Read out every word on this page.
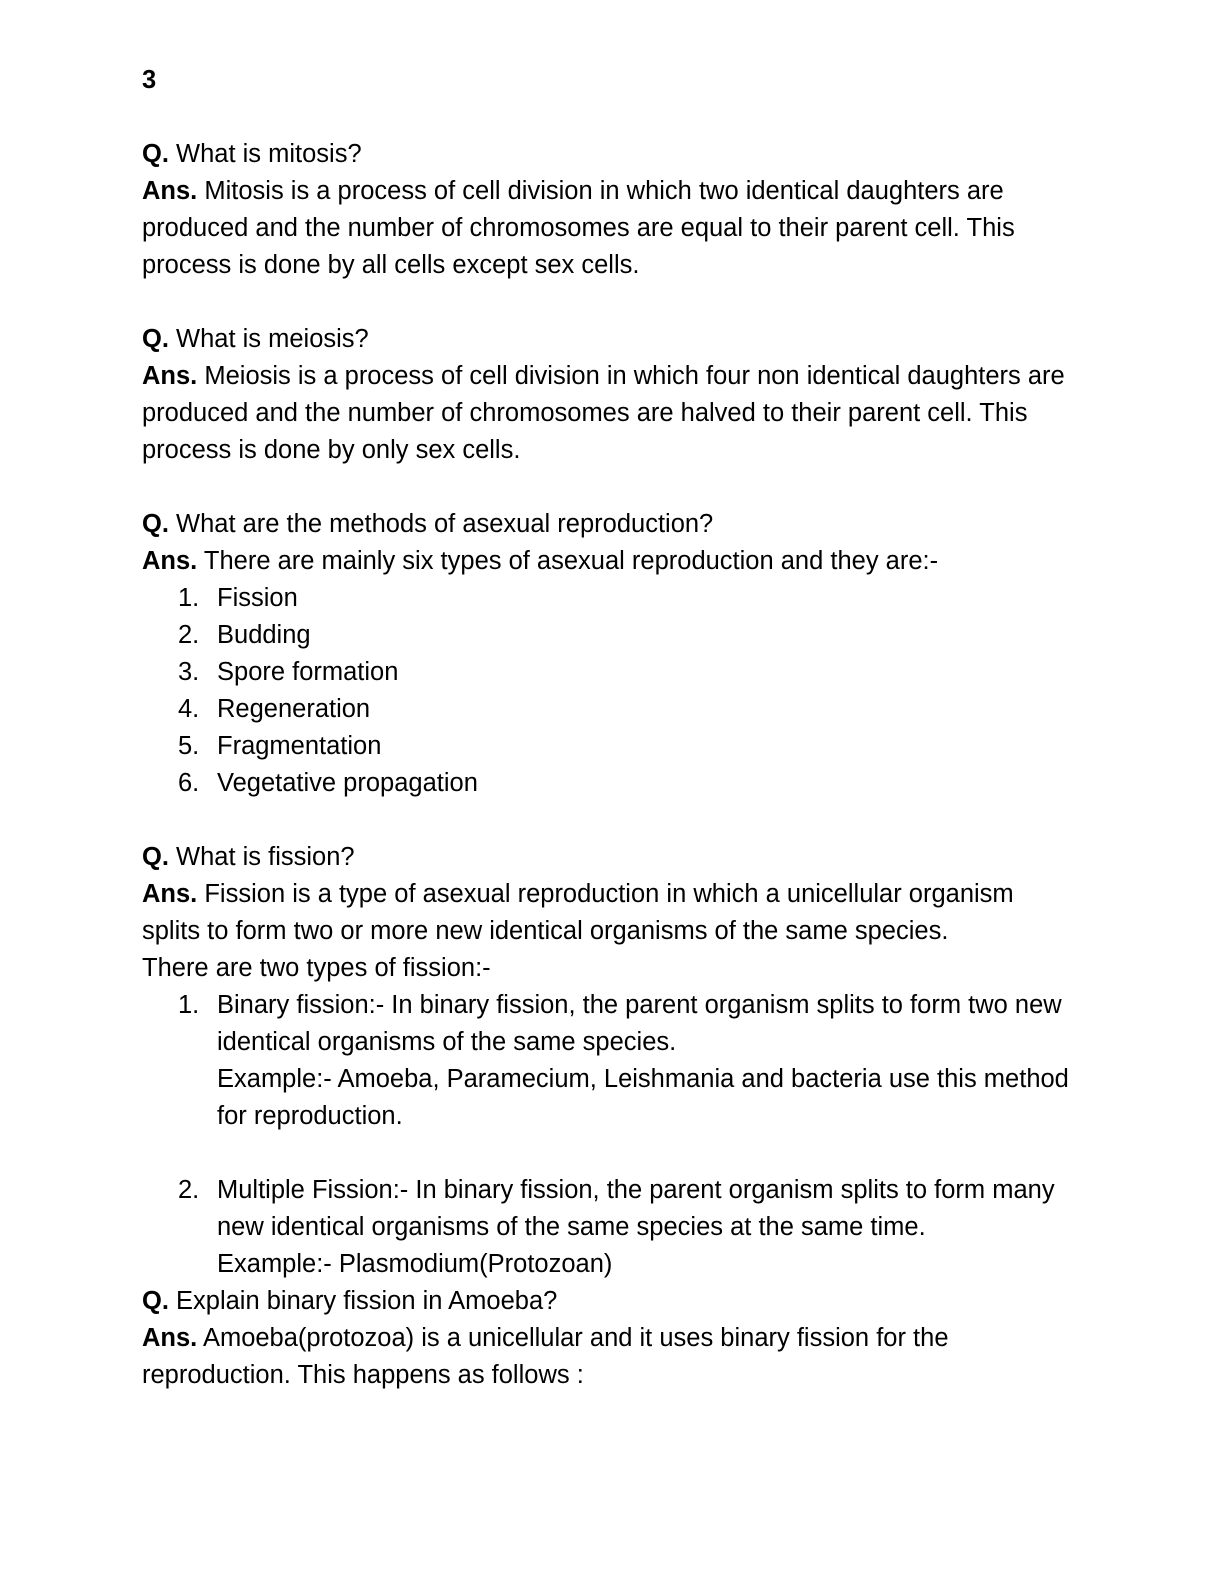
3

Q. What is mitosis?

Ans. Mitosis is a process of cell division in which two identical daughters are produced and the number of chromosomes are equal to their parent cell. This process is done by all cells except sex cells.

Q. What is meiosis?

Ans. Meiosis is a process of cell division in which four non identical daughters are produced and the number of chromosomes are halved to their parent cell. This process is done by only sex cells.

Q. What are the methods of asexual reproduction?

Ans. There are mainly six types of asexual reproduction and they are:-

1. Fission
2. Budding
3. Spore formation
4. Regeneration
5. Fragmentation
6. Vegetative propagation

Q. What is fission?

Ans. Fission is a type of asexual reproduction in which a unicellular organism splits to form two or more new identical organisms of the same species.

There are two types of fission:-

1. Binary fission:- In binary fission, the parent organism splits to form two new identical organisms of the same species.
Example:- Amoeba, Paramecium, Leishmania and bacteria use this method for reproduction.
2. Multiple Fission:- In binary fission, the parent organism splits to form many new identical organisms of the same species at the same time.
Example:- Plasmodium(Protozoan)

Q. Explain binary fission in Amoeba?

Ans. Amoeba(protozoa) is a unicellular and it uses binary fission for the reproduction. This happens as follows :
